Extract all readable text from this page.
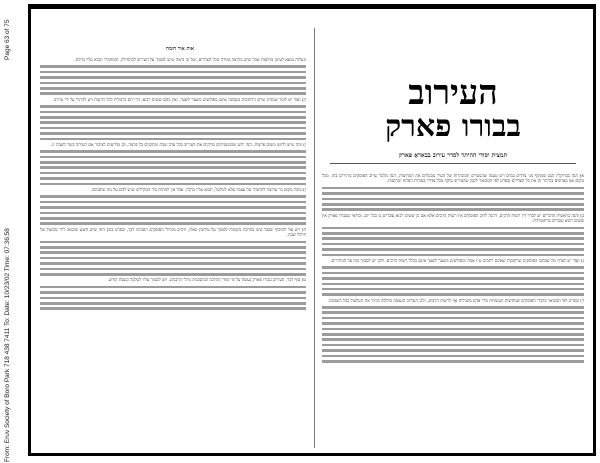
Page 63 of 75
From: Eruv Society of Boro Park 718 438 7411 To: Date: 10/23/02 Time: 07:36:58
העירוב
בבורו פארק
תמצית יסודי ההיתר לסדר עירוב בבאראָ פארק

א) הנה בברוקלין הגם שמוקף מג׳ צדדים במים ויש טענה שהגשרים והמנהרות של העיר מבטלים את המחיצות, הנה מלבד שרוב הפוסקים מתירים בזה, מכל מקום אנו מצרפים בהיתר זה את כל הצדדים ובפרט לפי המבואר לקמן שהעירוב מוקף מכל צדדיו בצורות הפתח ומחיצות.

ב) והנה בראשית הדברים יש לברר דין רשות הרבים, דהנה לרוב הפוסקים אין רשות הרבים אלא אם כן ששים רבוא עוברים בו בכל יום, ובודאי שבבורו פארק אין ששים רבוא עוברים ברחובותיה.

ג) ועוד יש לצרף מה שכתבו הפוסקים שרחובות שאינם רחבים ט״ז אמה ומפולשים משער לשער אינם בכלל רשות הרבים, ולכן יש לסמוך בזה על המתירים.

ד) ובפרט לפי המבואר בדברי הפוסקים שמחיצות העשויות בידי אדם מועילות אף לרשות הרבים, ולכן העירוב הנעשה כהלכה מתיר את הטלטול בכל השכונה.

אות אור חומה

ונעלות נמצא לעיגון מחיצות שכל שיש מחיצה גמורה מכל הצדדים, ועל כן נראה שיש לסמוך על העירוב לכתחילה, והמחמיר תבוא עליו ברכה.

ה) ועוד יש לומר שמכיון שרוב הרחובות בשכונה אינם מפולשים משער לשער, ואין בהם ששים רבוא, הרי הם כרמלית לכל הדעות ויש להתיר על ידי עירוב.

ו) ומה שיש לחוש משום פרצות, הנה ידוע שהמשגיחים בודקים את העירוב בכל ערב שבת ומתקנים כל פרצה, וכן מודיעים לציבור אם העירוב כשר לשבת זו.

ז) ומכל מקום מי שרוצה להחמיר על עצמו שלא לטלטל, תבוא עליו ברכה, אבל אין למחות ביד המקילים שיש להם על מה שיסמוכו.

ח) ויש עוד להוסיף שכבר נהגו בהרבה מקומות לסמוך על עירובין כאלו, ורבים מגדולי הפוסקים הסכימו לכך, ובפרט בזמן הזה שיש חשש שיבואו לידי מכשול של חילול שבת.

ט) סוף דבר, העירוב בבורו פארק נעשה על פי יסודי ההלכה ובהסכמת גדולי הרבנים, ויש לסמוך עליו לטלטל בשבת קודש.
